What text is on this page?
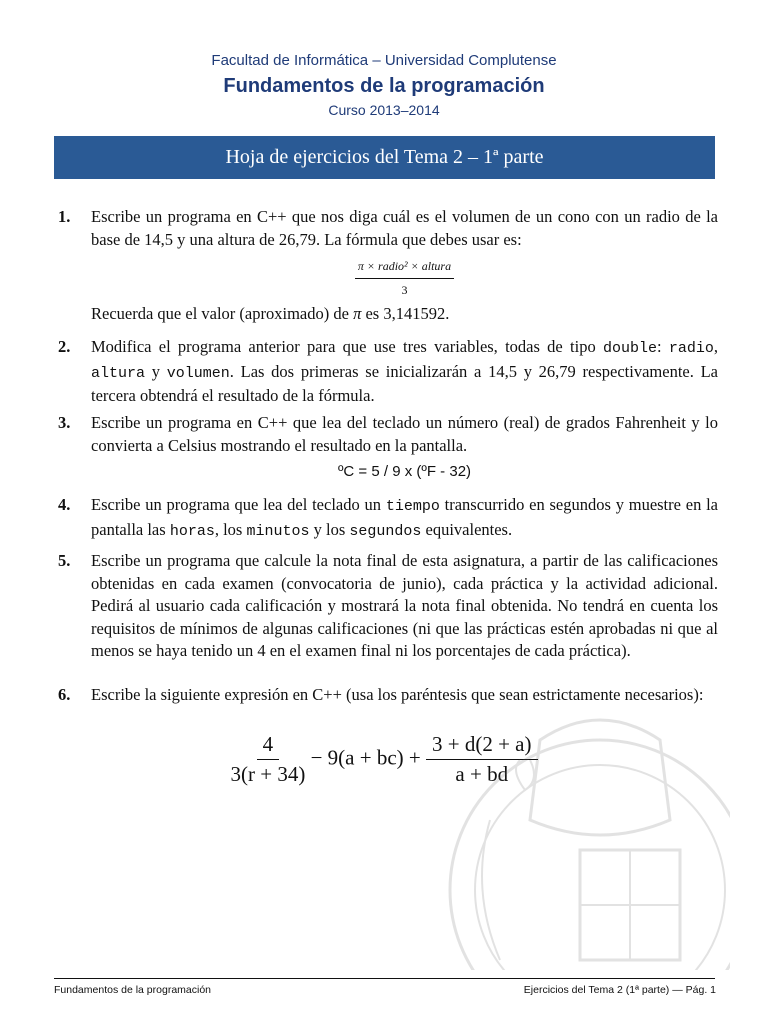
Facultad de Informática – Universidad Complutense
Fundamentos de la programación
Curso 2013–2014
Hoja de ejercicios del Tema 2 – 1ª parte
1.	Escribe un programa en C++ que nos diga cuál es el volumen de un cono con un radio de la base de 14,5 y una altura de 26,79. La fórmula que debes usar es:
$\frac{\text{π × radio² × altura}}{3}$
Recuerda que el valor (aproximado) de π es 3,141592.
2.	Modifica el programa anterior para que use tres variables, todas de tipo double: radio, altura y volumen. Las dos primeras se inicializarán a 14,5 y 26,79 respectivamente. La tercera obtendrá el resultado de la fórmula.
3.	Escribe un programa en C++ que lea del teclado un número (real) de grados Fahrenheit y lo convierta a Celsius mostrando el resultado en la pantalla.
ºC = 5 / 9 x (ºF - 32)
4.	Escribe un programa que lea del teclado un tiempo transcurrido en segundos y muestre en la pantalla las horas, los minutos y los segundos equivalentes.
5.	Escribe un programa que calcule la nota final de esta asignatura, a partir de las calificaciones obtenidas en cada examen (convocatoria de junio), cada práctica y la actividad adicional. Pedirá al usuario cada calificación y mostrará la nota final obtenida. No tendrá en cuenta los requisitos de mínimos de algunas calificaciones (ni que las prácticas estén aprobadas ni que al menos se haya tenido un 4 en el examen final ni los porcentajes de cada práctica).
6.	Escribe la siguiente expresión en C++ (usa los paréntesis que sean estrictamente necesarios):
$\frac{4}{3(r + 34)} - 9(a + bc) + \frac{3 + d(2 + a)}{a + bd}$
Fundamentos de la programación	Ejercicios del Tema 2 (1ª parte) — Pág. 1
